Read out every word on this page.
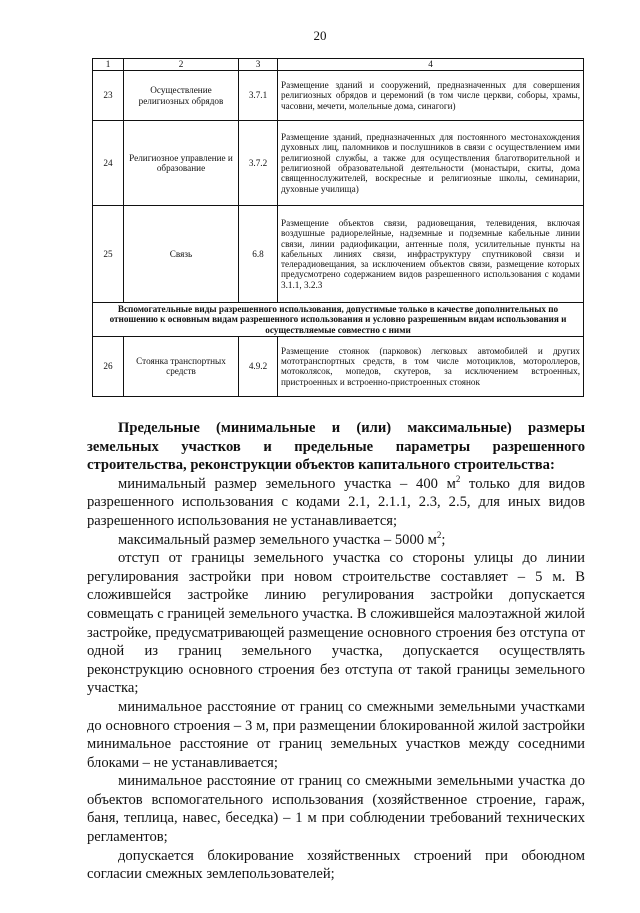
20
1	2	3	4
23	Осуществление религиозных обрядов	3.7.1	Размещение зданий и сооружений, предназначенных для совершения религиозных обрядов и церемоний (в том числе церкви, соборы, храмы, часовни, мечети, молельные дома, синагоги)
24	Религиозное управление и образование	3.7.2	Размещение зданий, предназначенных для постоянного местонахождения духовных лиц, паломников и послушников в связи с осуществлением ими религиозной службы, а также для осуществления благотворительной и религиозной образовательной деятельности (монастыри, скиты, дома священнослужителей, воскресные и религиозные школы, семинарии, духовные училища)
25	Связь	6.8	Размещение объектов связи, радиовещания, телевидения, включая воздушные радиорелейные, надземные и подземные кабельные линии связи, линии радиофикации, антенные поля, усилительные пункты на кабельных линиях связи, инфраструктуру спутниковой связи и телерадиовещания, за исключением объектов связи, размещение которых предусмотрено содержанием видов разрешенного использования с кодами 3.1.1, 3.2.3
Вспомогательные виды разрешенного использования, допустимые только в качестве дополнительных по отношению к основным видам разрешенного использования и условно разрешенным видам использования и осуществляемые совместно с ними			
26	Стоянка транспортных средств	4.9.2	Размещение стоянок (парковок) легковых автомобилей и других мототранспортных средств, в том числе мотоциклов, мотороллеров, мотоколясок, мопедов, скутеров, за исключением встроенных, пристроенных и встроенно-пристроенных стоянок

Предельные (минимальные и (или) максимальные) размеры земельных участков и предельные параметры разрешенного строительства, реконструкции объектов капитального строительства:

минимальный размер земельного участка – 400 $м^2$ только для видов разрешенного использования с кодами 2.1, 2.1.1, 2.3, 2.5, для иных видов разрешенного использования не устанавливается;

максимальный размер земельного участка – 5000 $м^2$;

отступ от границы земельного участка со стороны улицы до линии регулирования застройки при новом строительстве составляет – 5 м. В сложившейся застройке линию регулирования застройки допускается совмещать с границей земельного участка. В сложившейся малоэтажной жилой застройке, предусматривающей размещение основного строения без отступа от одной из границ земельного участка, допускается осуществлять реконструкцию основного строения без отступа от такой границы земельного участка;

минимальное расстояние от границ со смежными земельными участками до основного строения – 3 м, при размещении блокированной жилой застройки минимальное расстояние от границ земельных участков между соседними блоками – не устанавливается;

минимальное расстояние от границ со смежными земельными участка до объектов вспомогательного использования (хозяйственное строение, гараж, баня, теплица, навес, беседка) – 1 м при соблюдении требований технических регламентов;

допускается блокирование хозяйственных строений при обоюдном согласии смежных землепользователей;
